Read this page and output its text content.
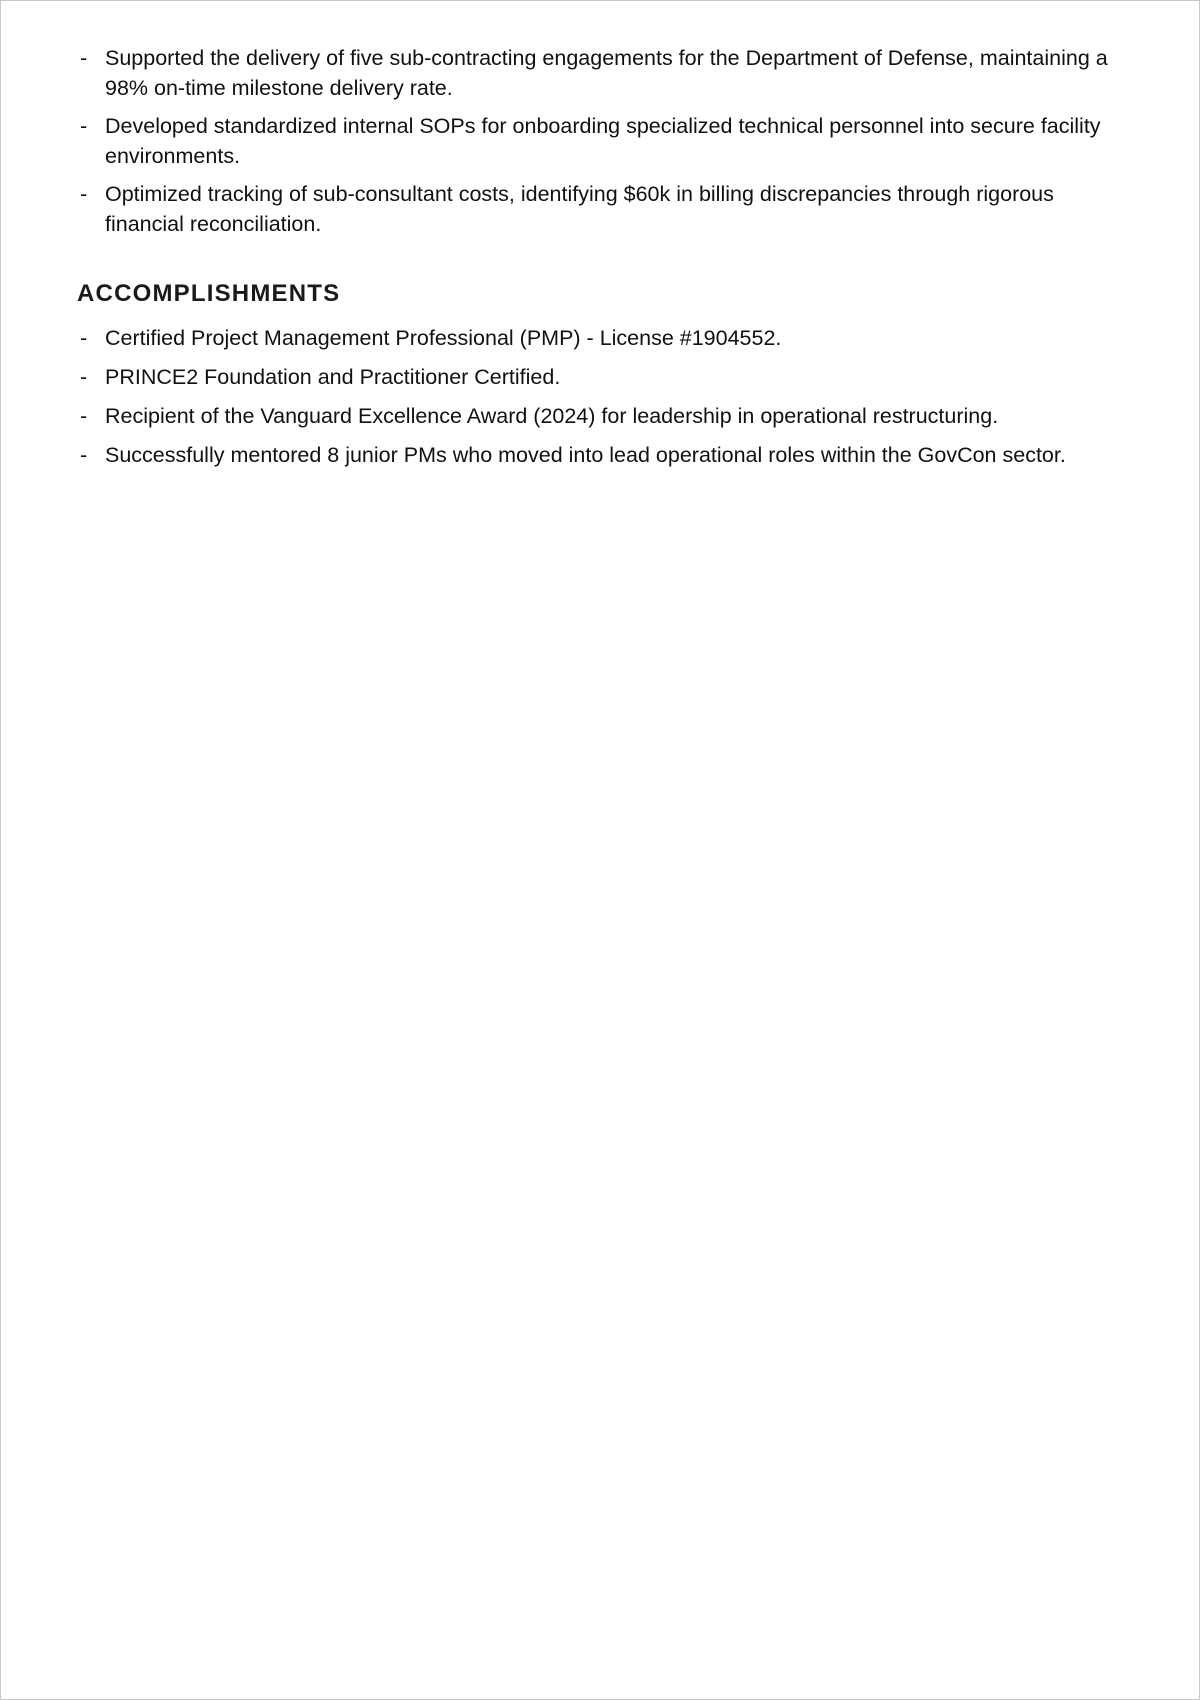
- Supported the delivery of five sub-contracting engagements for the Department of Defense, maintaining a 98% on-time milestone delivery rate.
- Developed standardized internal SOPs for onboarding specialized technical personnel into secure facility environments.
- Optimized tracking of sub-consultant costs, identifying $60k in billing discrepancies through rigorous financial reconciliation.
ACCOMPLISHMENTS
- Certified Project Management Professional (PMP) - License #1904552.
- PRINCE2 Foundation and Practitioner Certified.
- Recipient of the Vanguard Excellence Award (2024) for leadership in operational restructuring.
- Successfully mentored 8 junior PMs who moved into lead operational roles within the GovCon sector.
